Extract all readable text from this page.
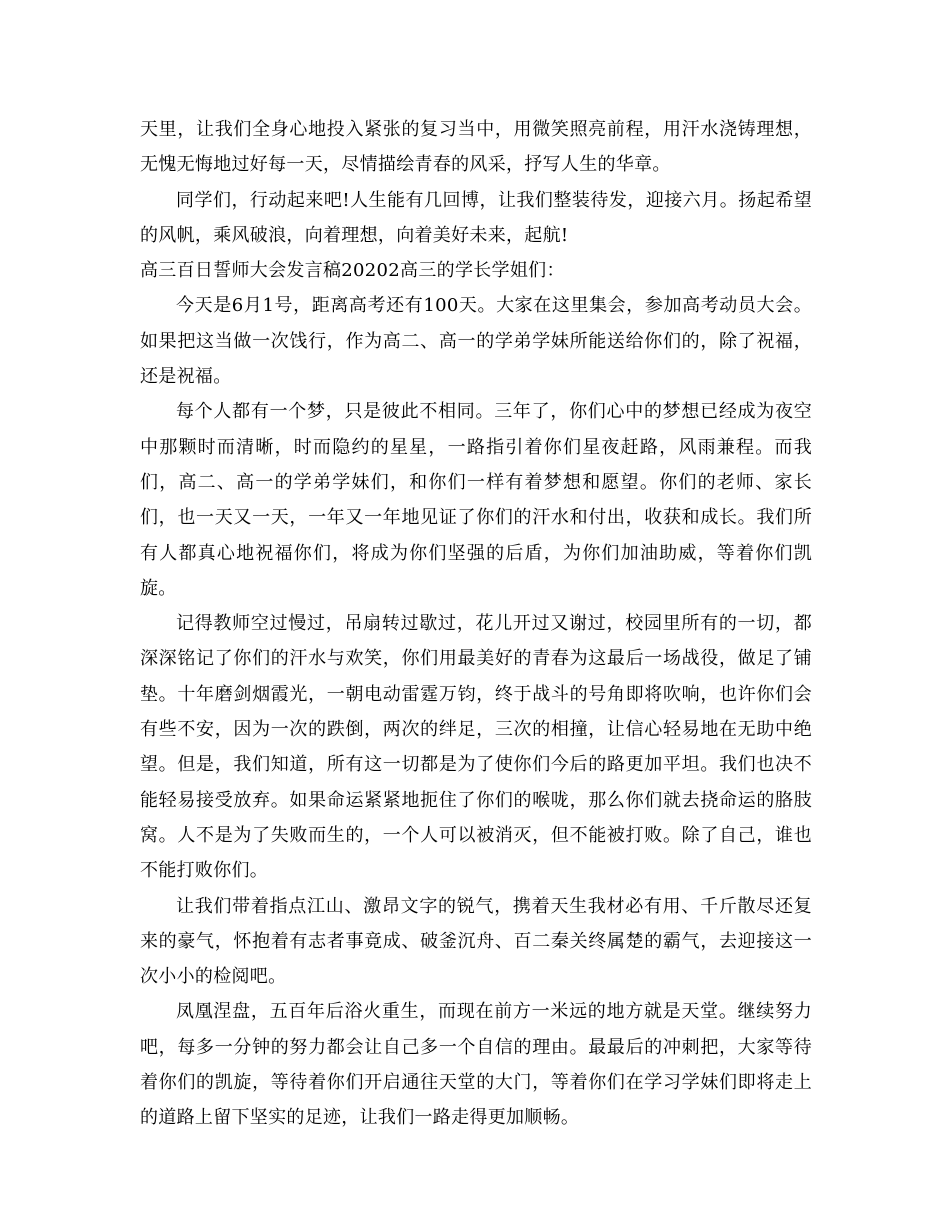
天里，让我们全身心地投入紧张的复习当中，用微笑照亮前程，用汗水浇铸理想，无愧无悔地过好每一天，尽情描绘青春的风采，抒写人生的华章。

同学们，行动起来吧!人生能有几回博，让我们整装待发，迎接六月。扬起希望的风帆，乘风破浪，向着理想，向着美好未来，起航!

高三百日誓师大会发言稿20202高三的学长学姐们：

今天是6月1号，距离高考还有100天。大家在这里集会，参加高考动员大会。如果把这当做一次饯行，作为高二、高一的学弟学妹所能送给你们的，除了祝福，还是祝福。

每个人都有一个梦，只是彼此不相同。三年了，你们心中的梦想已经成为夜空中那颗时而清晰，时而隐约的星星，一路指引着你们星夜赶路，风雨兼程。而我们，高二、高一的学弟学妹们，和你们一样有着梦想和愿望。你们的老师、家长们，也一天又一天，一年又一年地见证了你们的汗水和付出，收获和成长。我们所有人都真心地祝福你们，将成为你们坚强的后盾，为你们加油助威，等着你们凯旋。

记得教师空过慢过，吊扇转过歇过，花儿开过又谢过，校园里所有的一切，都深深铭记了你们的汗水与欢笑，你们用最美好的青春为这最后一场战役，做足了铺垫。十年磨剑烟霞光，一朝电动雷霆万钧，终于战斗的号角即将吹响，也许你们会有些不安，因为一次的跌倒，两次的绊足，三次的相撞，让信心轻易地在无助中绝望。但是，我们知道，所有这一切都是为了使你们今后的路更加平坦。我们也决不能轻易接受放弃。如果命运紧紧地扼住了你们的喉咙，那么你们就去挠命运的胳肢窝。人不是为了失败而生的，一个人可以被消灭，但不能被打败。除了自己，谁也不能打败你们。

让我们带着指点江山、激昂文字的锐气，携着天生我材必有用、千斤散尽还复来的豪气，怀抱着有志者事竟成、破釜沉舟、百二秦关终属楚的霸气，去迎接这一次小小的检阅吧。

凤凰涅盘，五百年后浴火重生，而现在前方一米远的地方就是天堂。继续努力吧，每多一分钟的努力都会让自己多一个自信的理由。最最后的冲刺把，大家等待着你们的凯旋，等待着你们开启通往天堂的大门，等着你们在学习学妹们即将走上的道路上留下坚实的足迹，让我们一路走得更加顺畅。
